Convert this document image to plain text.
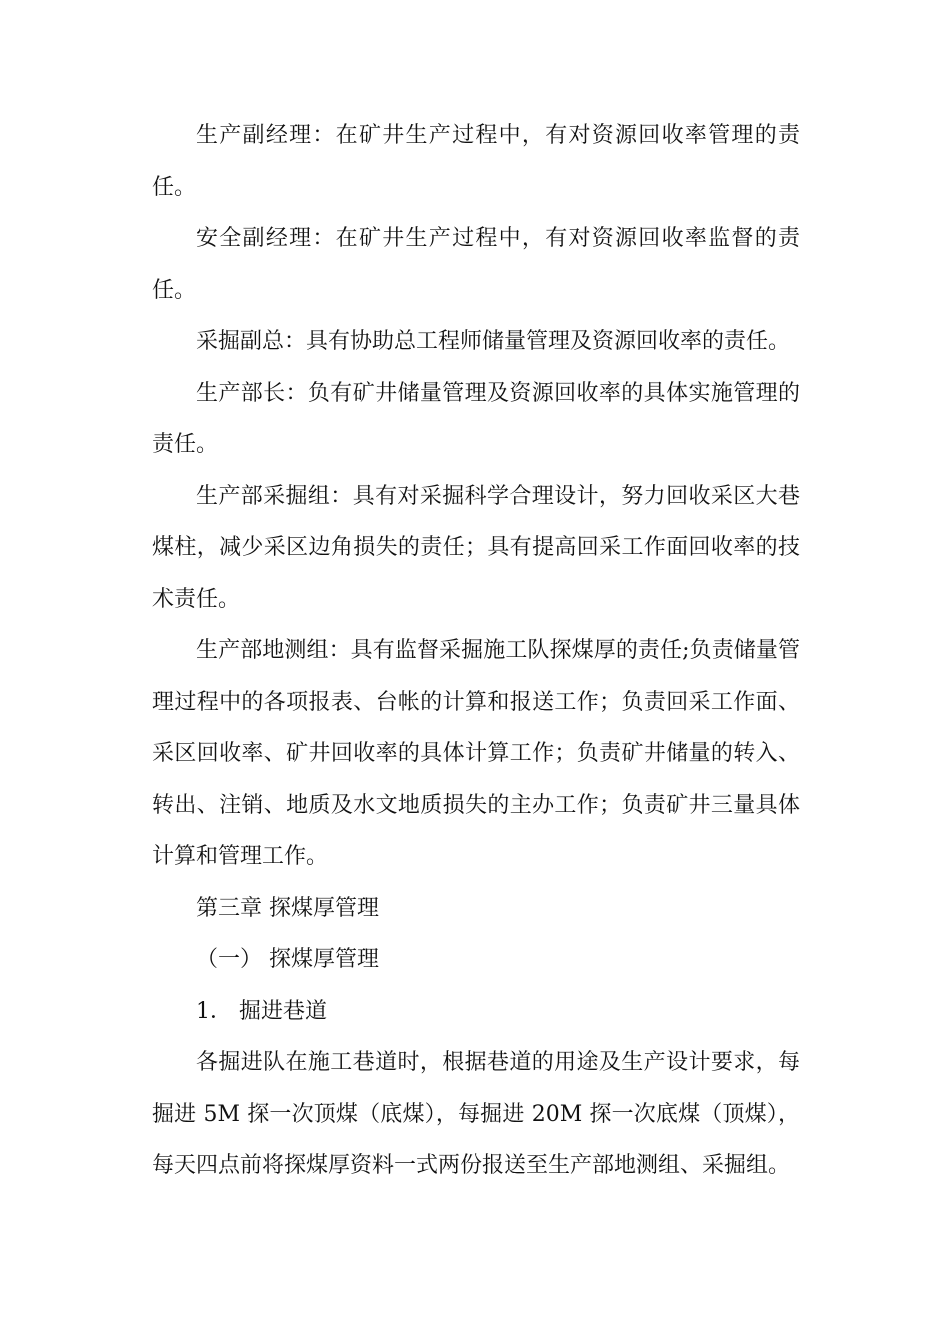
生产副经理：在矿井生产过程中，有对资源回收率管理的责任。

安全副经理：在矿井生产过程中，有对资源回收率监督的责任。

采掘副总：具有协助总工程师储量管理及资源回收率的责任。

生产部长：负有矿井储量管理及资源回收率的具体实施管理的责任。

生产部采掘组：具有对采掘科学合理设计，努力回收采区大巷煤柱，减少采区边角损失的责任；具有提高回采工作面回收率的技术责任。

生产部地测组：具有监督采掘施工队探煤厚的责任;负责储量管理过程中的各项报表、台帐的计算和报送工作；负责回采工作面、采区回收率、矿井回收率的具体计算工作；负责矿井储量的转入、转出、注销、地质及水文地质损失的主办工作；负责矿井三量具体计算和管理工作。

第三章 探煤厚管理

（一） 探煤厚管理

1． 掘进巷道

各掘进队在施工巷道时，根据巷道的用途及生产设计要求，每掘进 5M 探一次顶煤（底煤），每掘进 20M 探一次底煤（顶煤），每天四点前将探煤厚资料一式两份报送至生产部地测组、采掘组。
